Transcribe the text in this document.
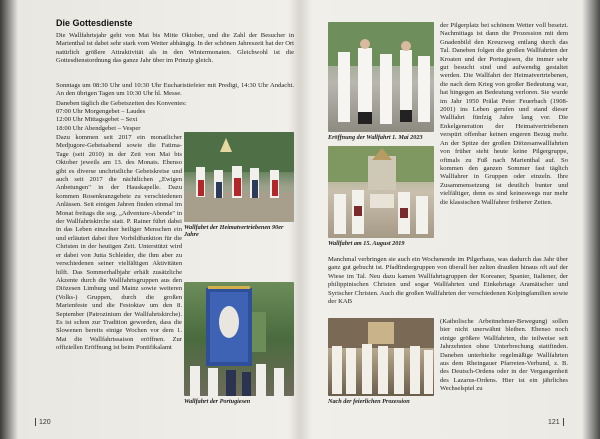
Die Gottesdienste
Die Wallfahrtsjahr geht von Mai bis Mitte Oktober, und die Zahl der Besucher in Marienthal ist dabei sehr stark vom Wetter abhängig. In der schönen Jahreszeit hat der Ort natürlich größere Attraktivität als in den Wintermonaten. Gleichwohl ist die Gottesdienstordnung das ganze Jahr über im Prinzip gleich.
Sonntags um 08:30 Uhr und 10:30 Uhr Eucharistiefeier mit Predigt, 14:30 Uhr Andacht. An den übrigen Tagen um 10:30 Uhr hl. Messe.
Daneben täglich die Gebetszeiten des Konventes:
07:00 Uhr Morgengebet – Laudes
12:00 Uhr Mittagsgebet – Sext
18:00 Uhr Abendgebet – Vesper
Wallfahrt der Heimatvertriebenen 90er Jahre
Dazu kommen seit 2017 ein monatlicher Medjugore-Gebetsabend sowie die Fatima-Tage (seit 2010) in der Zeit von Mai bis Oktober jeweils am 13. des Monats. Ebenso gibt es diverse unchristliche Gebetskreise und auch seit 2017 die nächtlichen „Ewigen Anbetungen" in der Hauskapelle. Dazu kommen Rosenkranzgebete zu verschiedenen Anlässen. Seit einigen Jahren finden einmal im Monat freitags die sog. „Adventure-Abende" in der Wallfahrtskirche statt. P. Rainer führt dabei in das Leben einzelner heiliger Menschen ein und erläutert dabei ihre Vorbildfunktion für die Christen in der heutigen Zeit. Unterstützt wird er dabei von Jutta Schleider, die ihm aber zu verschiedenen seiner vielfältigen Aktivitäten hilft. Das Sommerhalbjahr erhält zusätzliche Akzente durch die Wallfahrtsgruppen aus den Diözesen Limburg und Mainz sowie weiteren (Volks-) Gruppen, durch die großen Marienfeste und die Festoktav um den 8. September (Patrozinium der Wallfahrtskirche). Es ist schon zur Tradition geworden, dass die Slowenen bereits einige Wochen vor dem 1. Mai die Wallfahrtssaison eröffnen. Zur offiziellen Eröffnung ist beim Pontifikalamt
Wallfahrt der Portugiesen
120
Eröffnung der Wallfahrt 1. Mai 2023
Wallfahrt am 15. August 2019
der Pilgerplatz bei schönem Wetter voll besetzt. Nachmittags ist dann die Prozession mit dem Gnadenbild den Kreuzweg entlang durch das Tal. Daneben folgen die großen Wallfahrten der Kroaten und der Portugiesen, die immer sehr gut besucht sind und aufwendig gestaltet werden. Die Wallfahrt der Heimatvertriebenen, die nach dem Krieg von großer Bedeutung war, hat hingegen an Bedeutung verloren. Sie wurde im Jahr 1950 Prälat Peter Feuerbach (1908-2001) ins Leben gerufen und stand dieser Wallfahrt fünfzig Jahre lang vor. Die Enkelgeneration der Heimatvertriebenen verspürt offenbar keinen engeren Bezug mehr. An der Spitze der großen Diözesanwallfahrten von früher steht heute keine Pilgergruppe, oftmals zu Fuß nach Marienthal auf. So kommen den ganzen Sommer fast täglich Wallfahrer in Gruppen oder einzeln. Ihre Zusammensetzung ist deutlich bunter und vielfältiger, denn es sind keineswegs nur mehr die klassischen Wallfahrer früherer Zeiten.
Manchmal verbringen sie auch ein Wochenende im Pilgerhaus, was dadurch das Jahr über ganz gut gebucht ist. Pfadfindergruppen von überall her zelten draußen hinaus oft auf der Wiese im Tal. Neu dazu kamen Wallfahrtsgruppen der Koreaner, Spanier, Italiener, der philippinischen Christen und sogar Wallfahrten und Einkehrtage Aramäischer und Syrischer Christen. Auch die großen Wallfahrten der verschiedenen Kolpingfamilien sowie der KAB
Nach der feierlichen Prozession
(Katholische Arbeitnehmer-Bewegung) sollen hier nicht unerwähnt bleiben. Ebenso noch einige größere Wallfahrten, die teilweise seit Jahrzehnten ohne Unterbrechung stattfinden. Daneben unterhielte regelmäßige Wallfahrten aus dem Rheingauer Pfarreien-Verbund, z. B. des Deutsch-Ordens oder in der Vergangenheit des Lazarus-Ordens. Hier ist ein jährliches Wechselspiel zu
121
